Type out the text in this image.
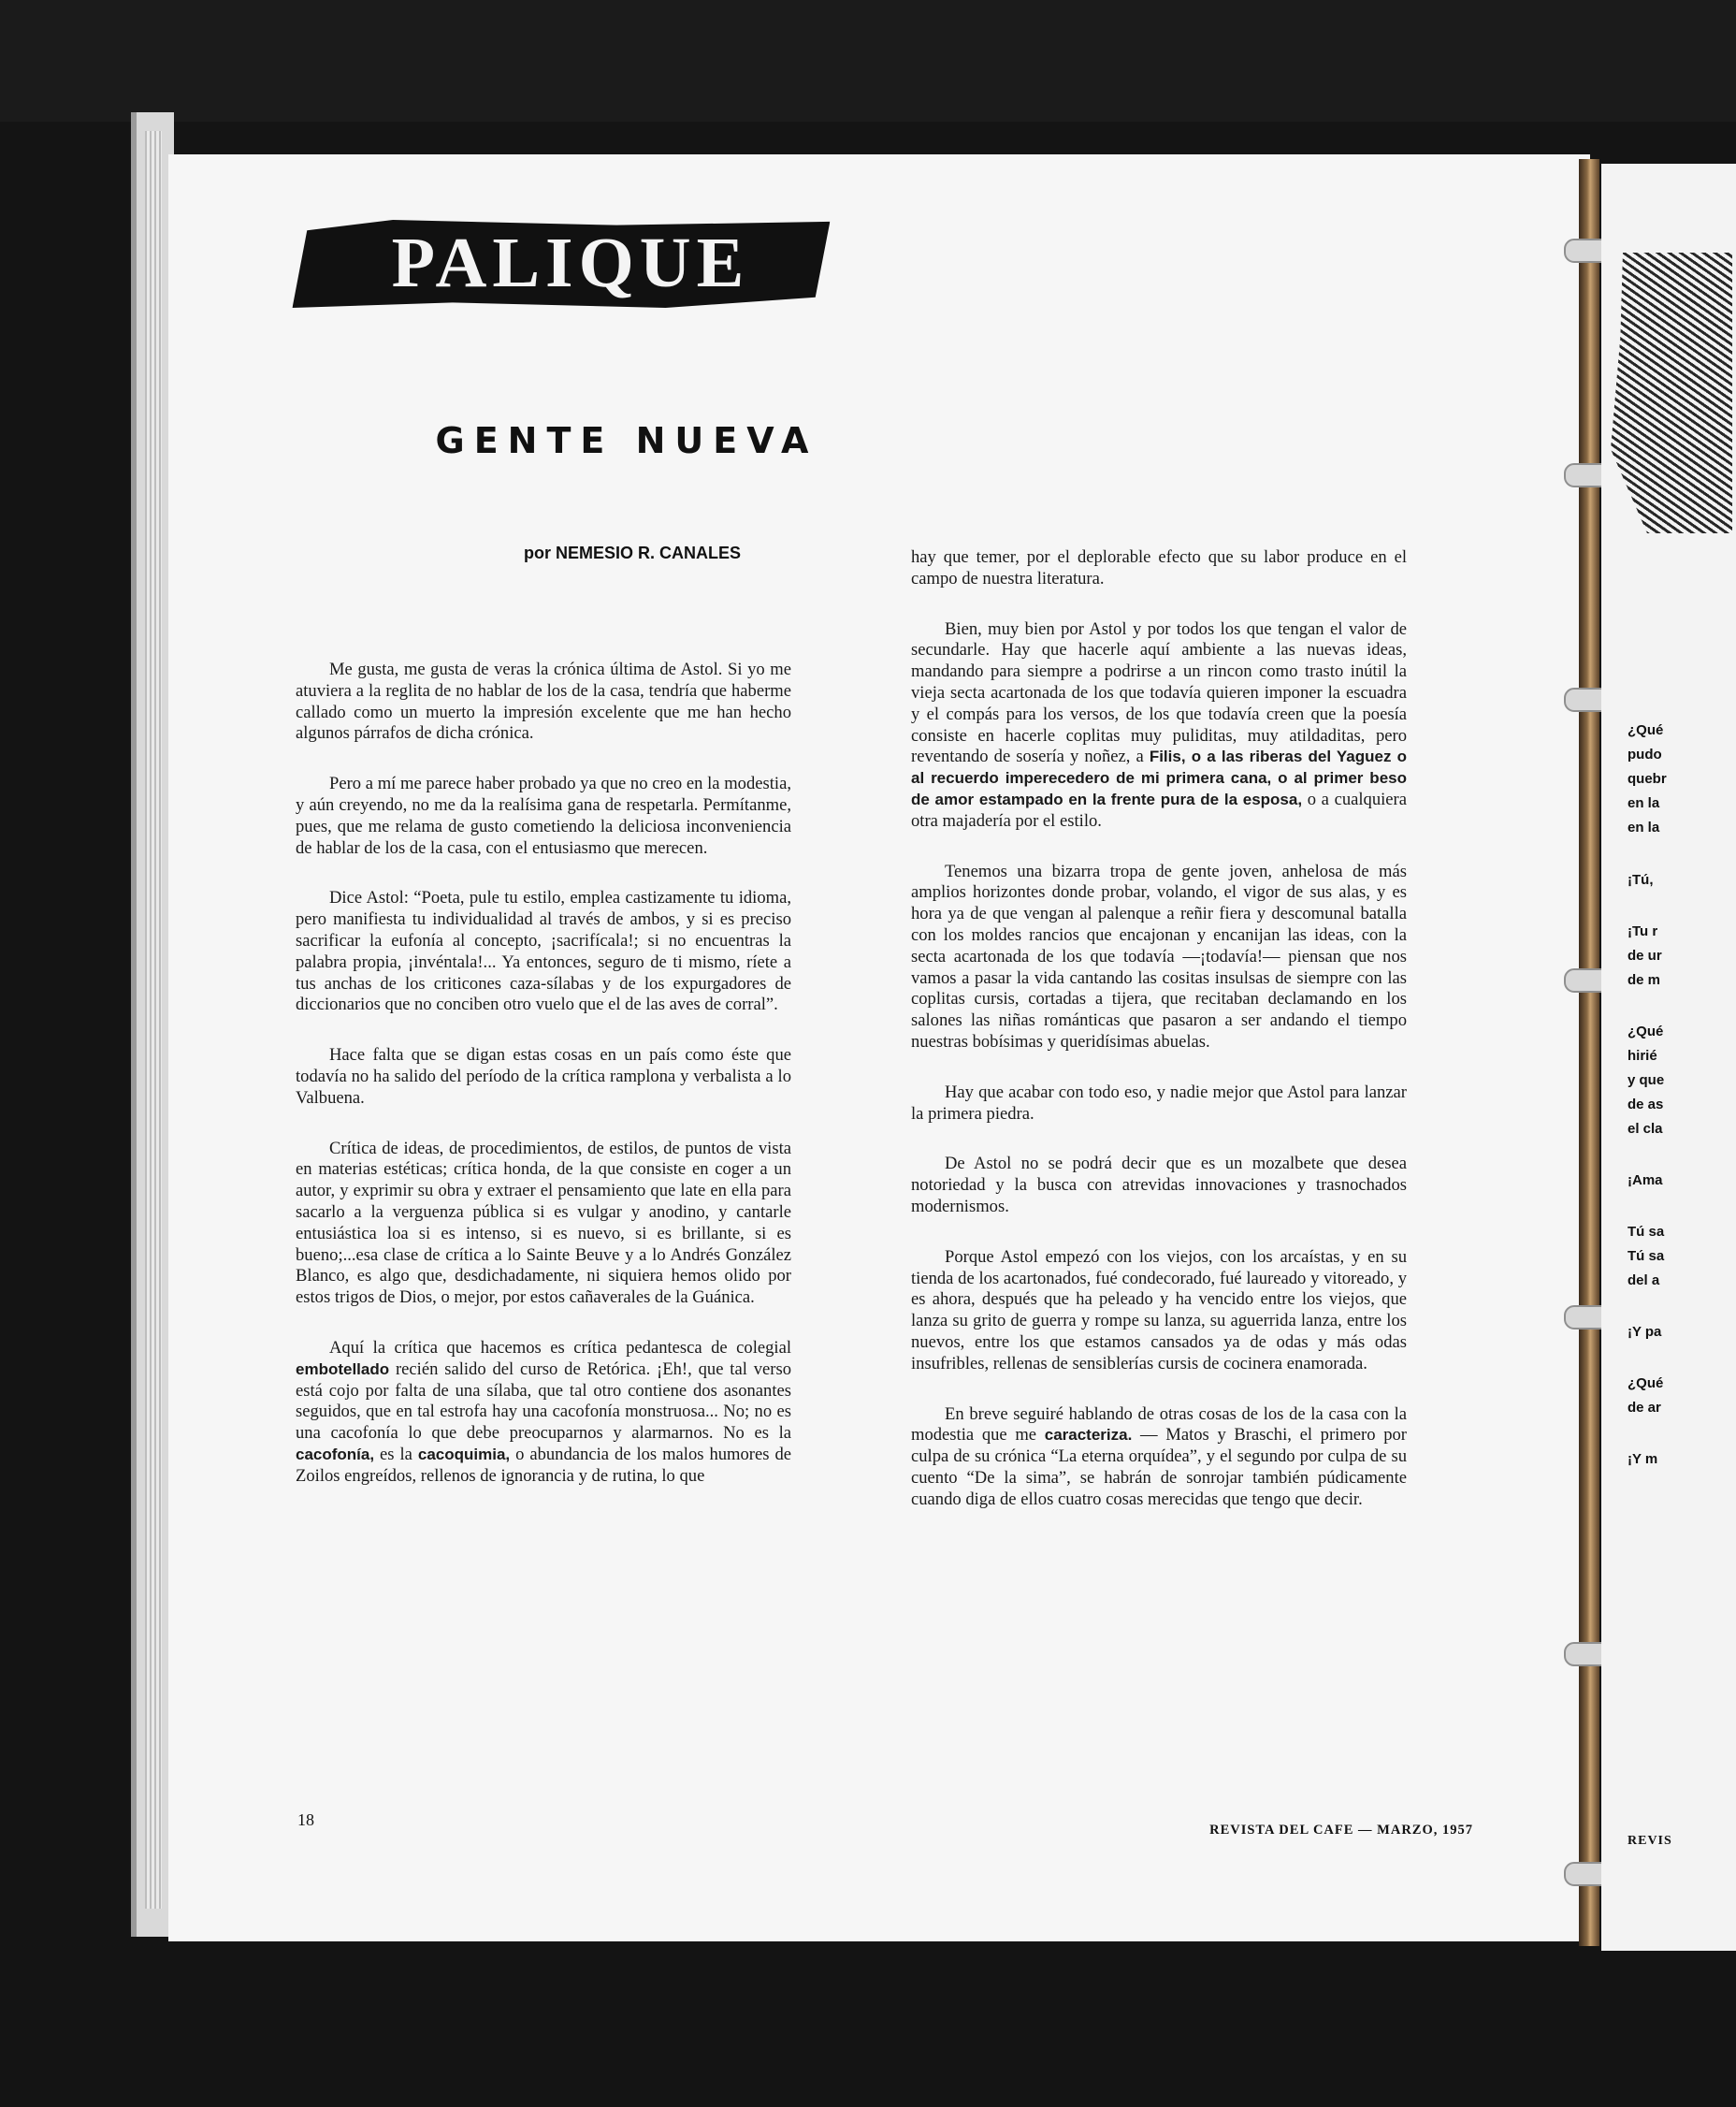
PALIQUE
GENTE NUEVA
por NEMESIO R. CANALES

Me gusta, me gusta de veras la crónica última de Astol. Si yo me atuviera a la reglita de no hablar de los de la casa, tendría que haberme callado como un muerto la impresión excelente que me han hecho algunos párrafos de dicha crónica.

Pero a mí me parece haber probado ya que no creo en la modestia, y aún creyendo, no me da la realísima gana de respetarla. Permítanme, pues, que me relama de gusto cometiendo la deliciosa inconveniencia de hablar de los de la casa, con el entusiasmo que merecen.

Dice Astol: “Poeta, pule tu estilo, emplea castizamente tu idioma, pero manifiesta tu individualidad al través de ambos, y si es preciso sacrificar la eufonía al concepto, ¡sacrifícala!; si no encuentras la palabra propia, ¡invéntala!... Ya entonces, seguro de ti mismo, ríete a tus anchas de los criticones caza-sílabas y de los expurgadores de diccionarios que no conciben otro vuelo que el de las aves de corral”.

Hace falta que se digan estas cosas en un país como éste que todavía no ha salido del período de la crítica ramplona y verbalista a lo Valbuena.

Crítica de ideas, de procedimientos, de estilos, de puntos de vista en materias estéticas; crítica honda, de la que consiste en coger a un autor, y exprimir su obra y extraer el pensamiento que late en ella para sacarlo a la verguenza pública si es vulgar y anodino, y cantarle entusiástica loa si es intenso, si es nuevo, si es brillante, si es bueno;...esa clase de crítica a lo Sainte Beuve y a lo Andrés González Blanco, es algo que, desdichadamente, ni siquiera hemos olido por estos trigos de Dios, o mejor, por estos cañaverales de la Guánica.

Aquí la crítica que hacemos es crítica pedantesca de colegial embotellado recién salido del curso de Retórica. ¡Eh!, que tal verso está cojo por falta de una sílaba, que tal otro contiene dos asonantes seguidos, que en tal estrofa hay una cacofonía monstruosa... No; no es una cacofonía lo que debe preocuparnos y alarmarnos. No es la cacofonía, es la cacoquimia, o abundancia de los malos humores de Zoilos engreídos, rellenos de ignorancia y de rutina, lo que

hay que temer, por el deplorable efecto que su labor produce en el campo de nuestra literatura.

Bien, muy bien por Astol y por todos los que tengan el valor de secundarle. Hay que hacerle aquí ambiente a las nuevas ideas, mandando para siempre a podrirse a un rincon como trasto inútil la vieja secta acartonada de los que todavía quieren imponer la escuadra y el compás para los versos, de los que todavía creen que la poesía consiste en hacerle coplitas muy puliditas, muy atildaditas, pero reventando de sosería y noñez, a Filis, o a las riberas del Yaguez o al recuerdo imperecedero de mi primera cana, o al primer beso de amor estampado en la frente pura de la esposa, o a cualquiera otra majadería por el estilo.

Tenemos una bizarra tropa de gente joven, anhelosa de más amplios horizontes donde probar, volando, el vigor de sus alas, y es hora ya de que vengan al palenque a reñir fiera y descomunal batalla con los moldes rancios que encajonan y encanijan las ideas, con la secta acartonada de los que todavía —¡todavía!— piensan que nos vamos a pasar la vida cantando las cositas insulsas de siempre con las coplitas cursis, cortadas a tijera, que recitaban declamando en los salones las niñas románticas que pasaron a ser andando el tiempo nuestras bobísimas y queridísimas abuelas.

Hay que acabar con todo eso, y nadie mejor que Astol para lanzar la primera piedra.

De Astol no se podrá decir que es un mozalbete que desea notoriedad y la busca con atrevidas innovaciones y trasnochados modernismos.

Porque Astol empezó con los viejos, con los arcaístas, y en su tienda de los acartonados, fué condecorado, fué laureado y vitoreado, y es ahora, después que ha peleado y ha vencido entre los viejos, que lanza su grito de guerra y rompe su lanza, su aguerrida lanza, entre los nuevos, entre los que estamos cansados ya de odas y más odas insufribles, rellenas de sensiblerías cursis de cocinera enamorada.

En breve seguiré hablando de otras cosas de los de la casa con la modestia que me caracteriza. — Matos y Braschi, el primero por culpa de su crónica “La eterna orquídea”, y el segundo por culpa de su cuento “De la sima”, se habrán de sonrojar también púdicamente cuando diga de ellos cuatro cosas merecidas que tengo que decir.

18
REVISTA DEL CAFE — MARZO, 1957
¿Qué
pudo
quebr
en la
en la
¡Tú,
¡Tu r
de ur
de m
¿Qué
hirié
y que
de as
el cla
¡Ama
Tú sa
Tú sa
del a
¡Y pa
¿Qué
de ar
¡Y m
REVIS
